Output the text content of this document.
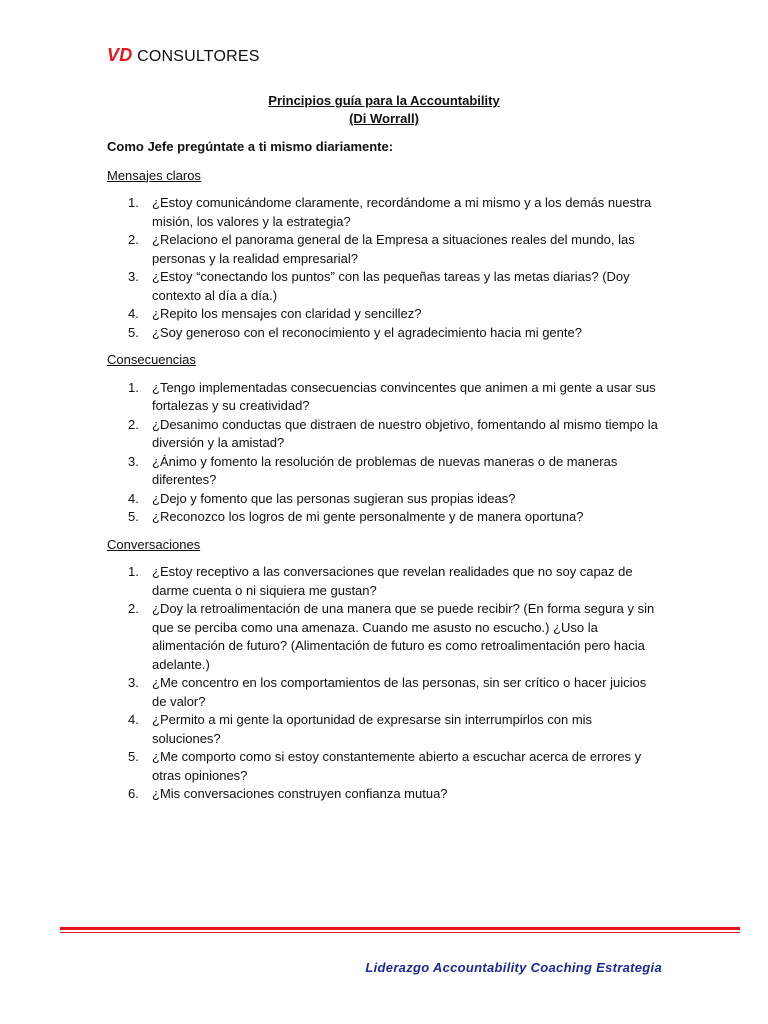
VD CONSULTORES
Principios guía para la Accountability
(Di Worrall)

Como Jefe pregúntate a ti mismo diariamente:

Mensajes claros

1.	¿Estoy comunicándome claramente, recordándome a mi mismo y a los demás nuestra misión, los valores y la estrategia?
2.	¿Relaciono el panorama general de la Empresa a situaciones reales del mundo, las personas y la realidad empresarial?
3.	¿Estoy “conectando los puntos” con las pequeñas tareas y las metas diarias? (Doy contexto al día a día.)
4.	¿Repito los mensajes con claridad y sencillez?
5.	¿Soy generoso con el reconocimiento y el agradecimiento hacia mi gente?

Consecuencias

1.	¿Tengo implementadas consecuencias convincentes que animen a mi gente a usar sus fortalezas y su creatividad?
2.	¿Desanimo conductas que distraen de nuestro objetivo, fomentando al mismo tiempo la diversión y la amistad?
3.	¿Ánimo y fomento la resolución de problemas de nuevas maneras o de maneras diferentes?
4.	¿Dejo y fomento que las personas sugieran sus propias ideas?
5.	¿Reconozco los logros de mi gente personalmente y de manera oportuna?

Conversaciones

1.	¿Estoy receptivo a las conversaciones que revelan realidades que no soy capaz de darme cuenta o ni siquiera me gustan?
2.	¿Doy la retroalimentación de una manera que se puede recibir? (En forma segura y sin que se perciba como una amenaza. Cuando me asusto no escucho.) ¿Uso la alimentación de futuro? (Alimentación de futuro es como retroalimentación pero hacia adelante.)
3.	¿Me concentro en los comportamientos de las personas, sin ser crítico o hacer juicios de valor?
4.	¿Permito a mi gente la oportunidad de expresarse sin interrumpirlos con mis soluciones?
5.	¿Me comporto como si estoy constantemente abierto a escuchar acerca de errores y otras opiniones?
6.	¿Mis conversaciones construyen confianza mutua?
Liderazgo Accountability Coaching Estrategia
